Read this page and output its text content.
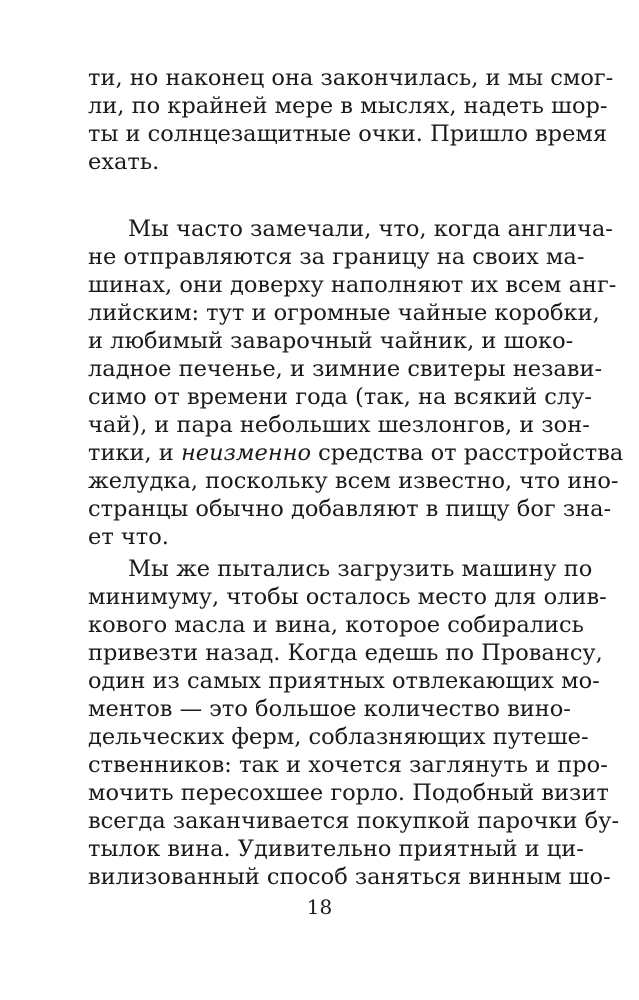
ти, но наконец она закончилась, и мы смог-
ли, по крайней мере в мыслях, надеть шор-
ты и солнцезащитные очки. Пришло время
ехать.
Мы часто замечали, что, когда англича-
не отправляются за границу на своих ма-
шинах, они доверху наполняют их всем анг-
лийским: тут и огромные чайные коробки,
и любимый заварочный чайник, и шоко-
ладное печенье, и зимние свитеры незави-
симо от времени года (так, на всякий слу-
чай), и пара небольших шезлонгов, и зон-
тики, и неизменно средства от расстройства
желудка, поскольку всем известно, что ино-
странцы обычно добавляют в пищу бог зна-
ет что.
Мы же пытались загрузить машину по
минимуму, чтобы осталось место для олив-
кового масла и вина, которое собирались
привезти назад. Когда едешь по Провансу,
один из самых приятных отвлекающих мо-
ментов — это большое количество вино-
дельческих ферм, соблазняющих путеше-
ственников: так и хочется заглянуть и про-
мочить пересохшее горло. Подобный визит
всегда заканчивается покупкой парочки бу-
тылок вина. Удивительно приятный и ци-
вилизованный способ заняться винным шо-
18
